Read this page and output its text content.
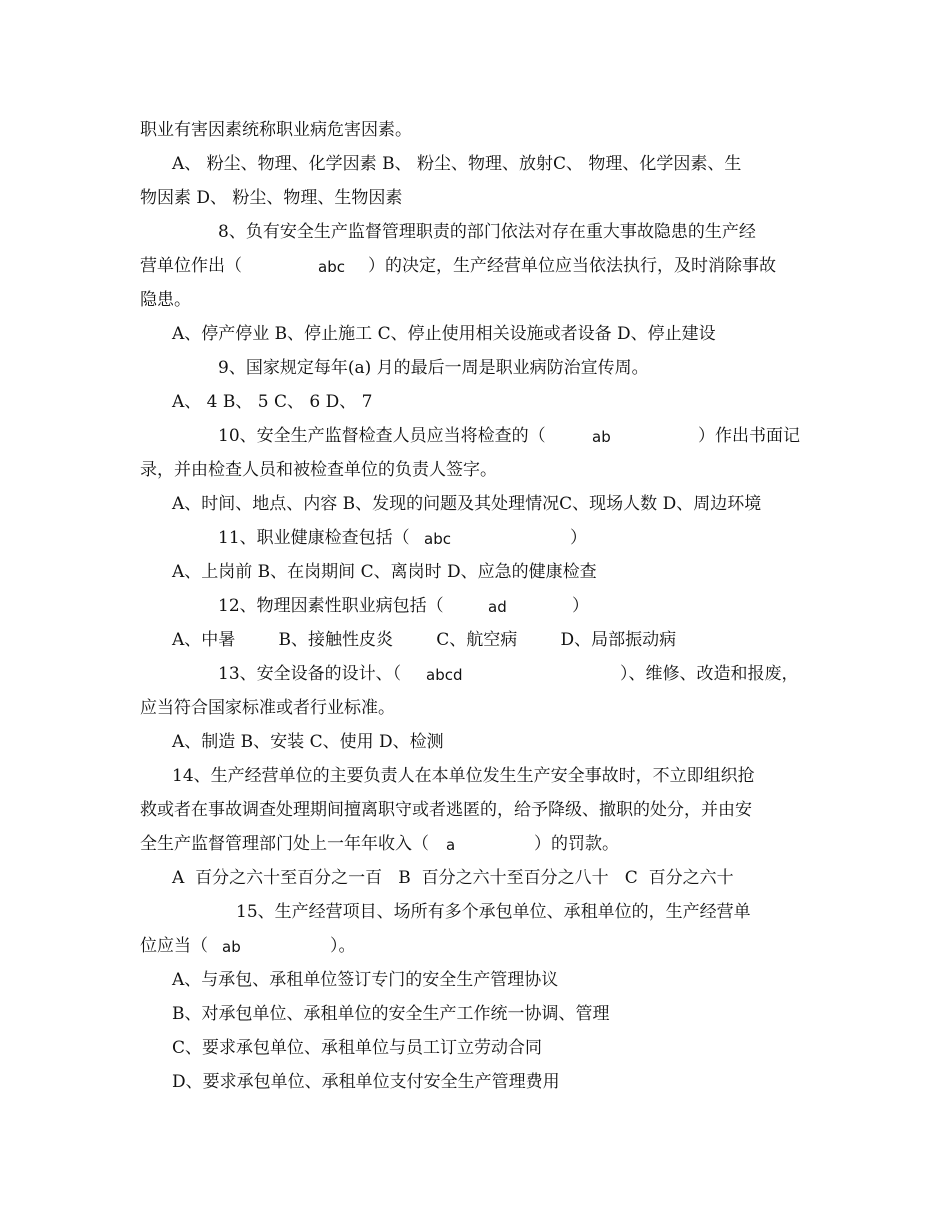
职业有害因素统称职业病危害因素。
A、 粉尘、物理、化学因素 B、 粉尘、物理、放射C、 物理、化学因素、生
物因素 D、 粉尘、物理、生物因素
8、负有安全生产监督管理职责的部门依法对存在重大事故隐患的生产经
营单位作出（	abc ）的决定，生产经营单位应当依法执行，及时消除事故
隐患。
A、停产停业 B、停止施工 C、停止使用相关设施或者设备 D、停止建设
9、国家规定每年(a) 月的最后一周是职业病防治宣传周。
A、 4 B、 5 C、 6 D、 7
10、安全生产监督检查人员应当将检查的（	ab	）作出书面记
录，并由检查人员和被检查单位的负责人签字。
A、时间、地点、内容 B、发现的问题及其处理情况C、现场人数 D、周边环境
11、职业健康检查包括（ abc	）
A、上岗前 B、在岗期间 C、离岗时 D、应急的健康检查
12、物理因素性职业病包括（	ad	）
A、中暑        B、接触性皮炎        C、航空病        D、局部振动病
13、安全设备的设计、（ abcd	）、维修、改造和报废，
应当符合国家标准或者行业标准。
A、制造 B、安装 C、使用 D、检测
14、生产经营单位的主要负责人在本单位发生生产安全事故时，不立即组织抢
救或者在事故调查处理期间擅离职守或者逃匿的，给予降级、撤职的处分，并由安
全生产监督管理部门处上一年年收入（ a	）的罚款。
A  百分之六十至百分之一百   B  百分之六十至百分之八十   C  百分之六十
15、生产经营项目、场所有多个承包单位、承租单位的，生产经营单
位应当（ ab	）。
A、与承包、承租单位签订专门的安全生产管理协议
B、对承包单位、承租单位的安全生产工作统一协调、管理
C、要求承包单位、承租单位与员工订立劳动合同
D、要求承包单位、承租单位支付安全生产管理费用
